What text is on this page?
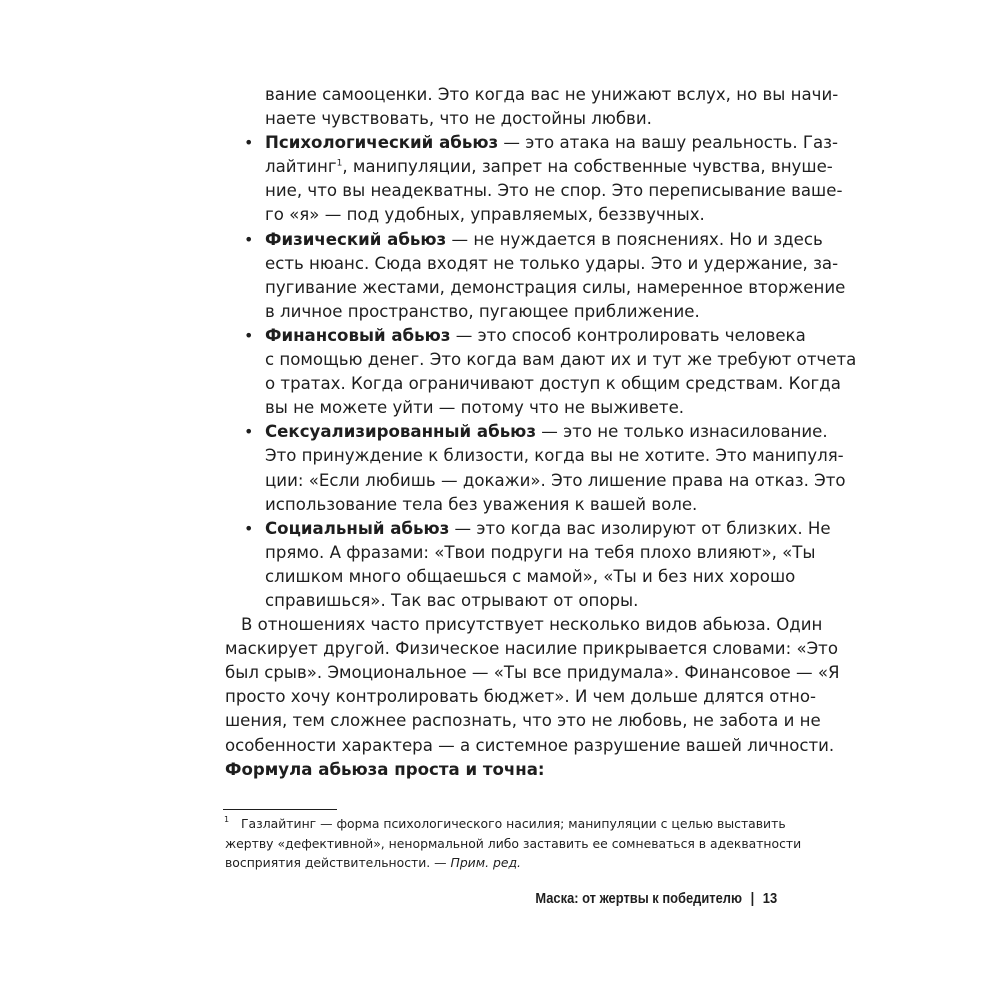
вание самооценки. Это когда вас не унижают вслух, но вы начи-
наете чувствовать, что не достойны любви.
• Психологический абьюз — это атака на вашу реальность. Газ-
лайтинг$^1$, манипуляции, запрет на собственные чувства, внуше-
ние, что вы неадекватны. Это не спор. Это переписывание ваше-
го «я» — под удобных, управляемых, беззвучных.
• Физический абьюз — не нуждается в пояснениях. Но и здесь
есть нюанс. Сюда входят не только удары. Это и удержание, за-
пугивание жестами, демонстрация силы, намеренное вторжение
в личное пространство, пугающее приближение.
• Финансовый абьюз — это способ контролировать человека
с помощью денег. Это когда вам дают их и тут же требуют отчета
о тратах. Когда ограничивают доступ к общим средствам. Когда
вы не можете уйти — потому что не выживете.
• Сексуализированный абьюз — это не только изнасилование.
Это принуждение к близости, когда вы не хотите. Это манипуля-
ции: «Если любишь — докажи». Это лишение права на отказ. Это
использование тела без уважения к вашей воле.
• Социальный абьюз — это когда вас изолируют от близких. Не
прямо. А фразами: «Твои подруги на тебя плохо влияют», «Ты
слишком много общаешься с мамой», «Ты и без них хорошо
справишься». Так вас отрывают от опоры.
В отношениях часто присутствует несколько видов абьюза. Один
маскирует другой. Физическое насилие прикрывается словами: «Это
был срыв». Эмоциональное — «Ты все придумала». Финансовое — «Я
просто хочу контролировать бюджет». И чем дольше длятся отно-
шения, тем сложнее распознать, что это не любовь, не забота и не
особенности характера — а системное разрушение вашей личности.
Формула абьюза проста и точна:
1 Газлайтинг — форма психологического насилия; манипуляции с целью выставить
жертву «дефективной», ненормальной либо заставить ее сомневаться в адекватности
восприятия действительности. — Прим. ред.
Маска: от жертвы к победителю | 13
